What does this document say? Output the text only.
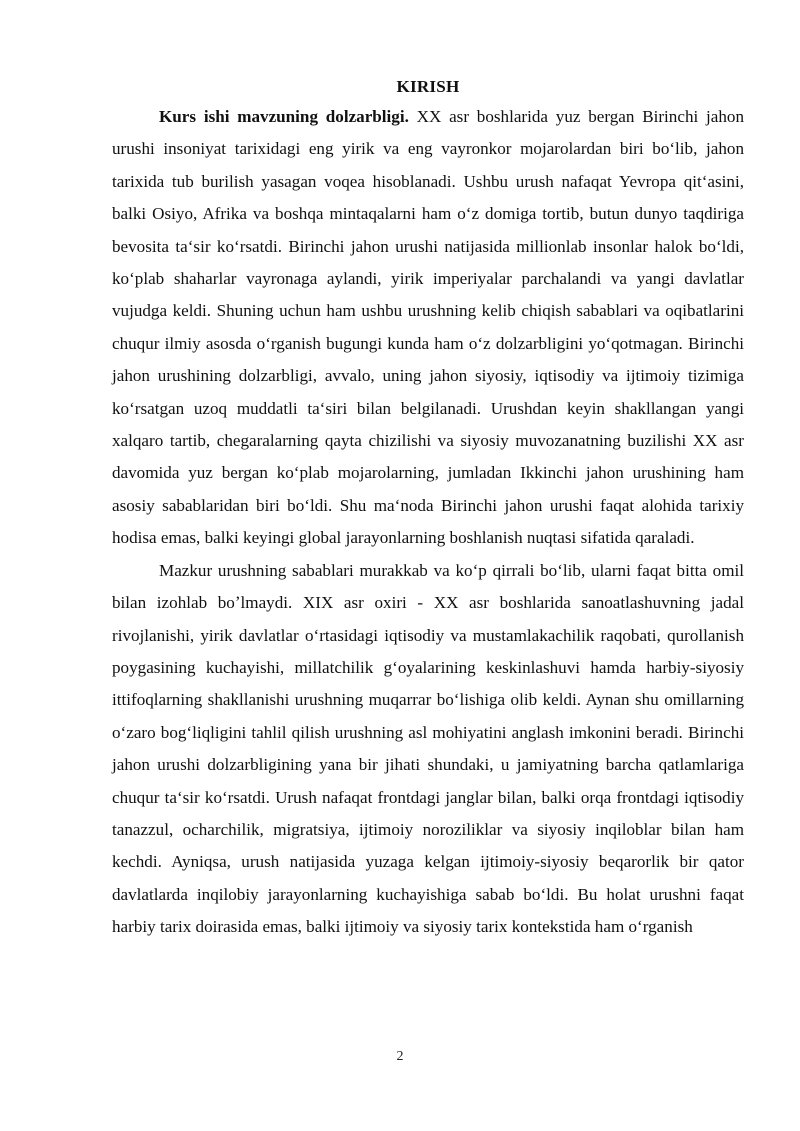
KIRISH

Kurs ishi mavzuning dolzarbligi. XX asr boshlarida yuz bergan Birinchi jahon urushi insoniyat tarixidagi eng yirik va eng vayronkor mojarolardan biri boʻlib, jahon tarixida tub burilish yasagan voqea hisoblanadi. Ushbu urush nafaqat Yevropa qitʻasini, balki Osiyo, Afrika va boshqa mintaqalarni ham oʻz domiga tortib, butun dunyo taqdiriga bevosita taʻsir koʻrsatdi. Birinchi jahon urushi natijasida millionlab insonlar halok boʻldi, koʻplab shaharlar vayronaga aylandi, yirik imperiyalar parchalandi va yangi davlatlar vujudga keldi. Shuning uchun ham ushbu urushning kelib chiqish sabablari va oqibatlarini chuqur ilmiy asosda oʻrganish bugungi kunda ham oʻz dolzarbligini yoʻqotmagan. Birinchi jahon urushining dolzarbligi, avvalo, uning jahon siyosiy, iqtisodiy va ijtimoiy tizimiga koʻrsatgan uzoq muddatli taʻsiri bilan belgilanadi. Urushdan keyin shakllangan yangi xalqaro tartib, chegaralarning qayta chizilishi va siyosiy muvozanatning buzilishi XX asr davomida yuz bergan koʻplab mojarolarning, jumladan Ikkinchi jahon urushining ham asosiy sabablaridan biri boʻldi. Shu maʻnoda Birinchi jahon urushi faqat alohida tarixiy hodisa emas, balki keyingi global jarayonlarning boshlanish nuqtasi sifatida qaraladi.

Mazkur urushning sabablari murakkab va koʻp qirrali boʻlib, ularni faqat bitta omil bilan izohlab boʼlmaydi. XIX asr oxiri - XX asr boshlarida sanoatlashuvning jadal rivojlanishi, yirik davlatlar oʻrtasidagi iqtisodiy va mustamlakachilik raqobati, qurollanish poygasining kuchayishi, millatchilik gʻoyalarining keskinlashuvi hamda harbiy-siyosiy ittifoqlarning shakllanishi urushning muqarrar boʻlishiga olib keldi. Aynan shu omillarning oʻzaro bogʻliqligini tahlil qilish urushning asl mohiyatini anglash imkonini beradi. Birinchi jahon urushi dolzarbligining yana bir jihati shundaki, u jamiyatning barcha qatlamlariga chuqur taʻsir koʻrsatdi. Urush nafaqat frontdagi janglar bilan, balki orqa frontdagi iqtisodiy tanazzul, ocharchilik, migratsiya, ijtimoiy noroziliklar va siyosiy inqiloblar bilan ham kechdi. Ayniqsa, urush natijasida yuzaga kelgan ijtimoiy-siyosiy beqarorlik bir qator davlatlarda inqilobiy jarayonlarning kuchayishiga sabab boʻldi. Bu holat urushni faqat harbiy tarix doirasida emas, balki ijtimoiy va siyosiy tarix kontekstida ham oʻrganish

2
